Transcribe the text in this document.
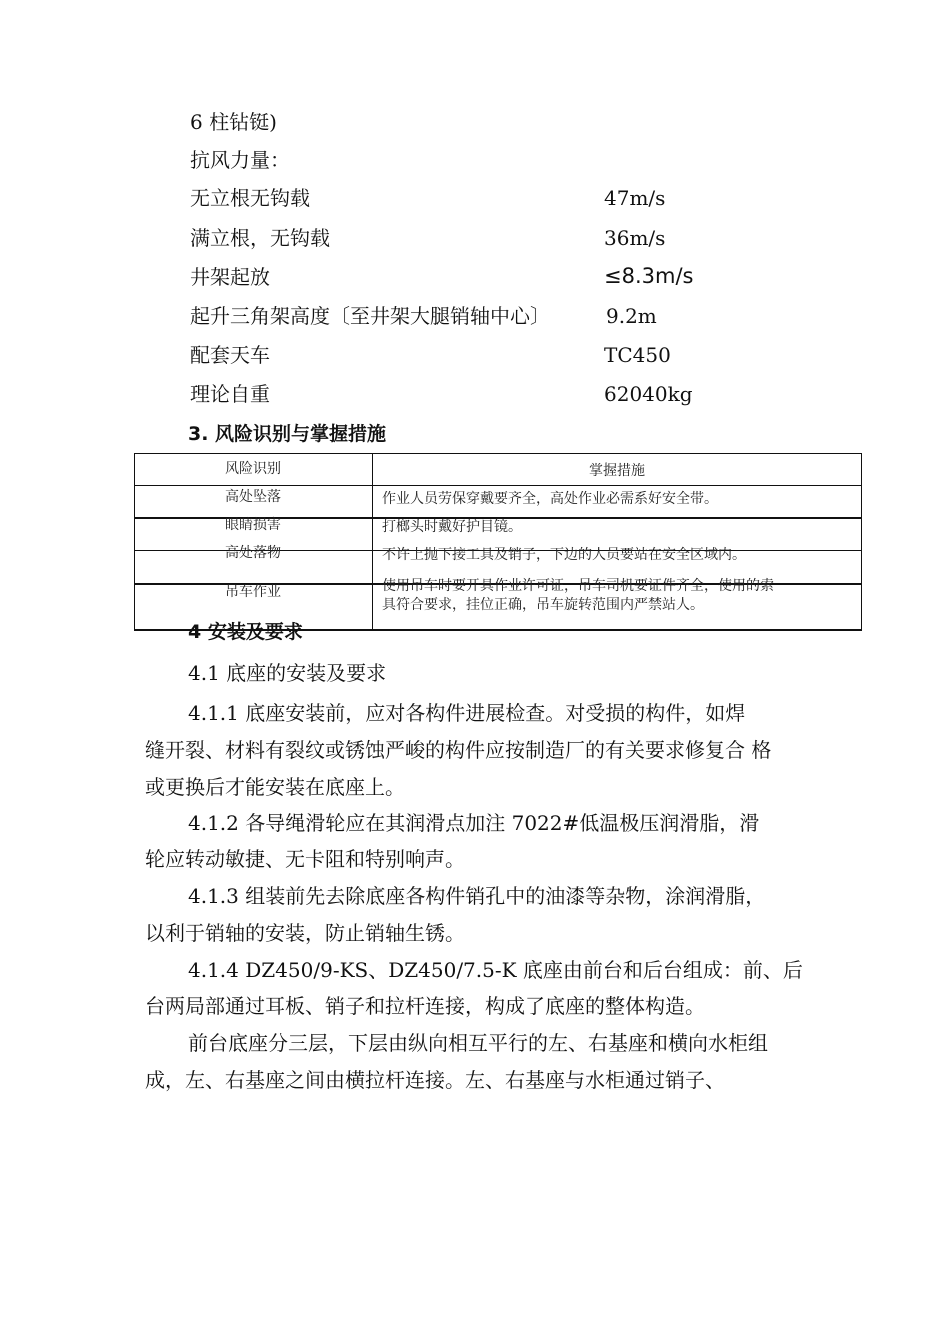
6 柱钻铤)
抗风力量：
无立根无钩载	47m/s
满立根，无钩载	36m/s
井架起放	≤8.3m/s
起升三角架高度〔至井架大腿销轴中心〕	9.2m
配套天车	TC450
理论自重	62040kg
3. 风险识别与掌握措施
风险识别	掌握措施
高处坠落	作业人员劳保穿戴要齐全，高处作业必需系好安全带。
眼睛损害	打榔头时戴好护目镜。
高处落物	不许上抛下接工具及销子，下边的人员要站在安全区域内。
吊车作业	使用吊车时要开具作业许可证，吊车司机要证件齐全，使用的索
具符合要求，挂位正确，吊车旋转范围内严禁站人。
4 安装及要求
4.1 底座的安装及要求
4.1.1 底座安装前，应对各构件进展检查。对受损的构件，如焊
缝开裂、材料有裂纹或锈蚀严峻的构件应按制造厂的有关要求修复合 格
或更换后才能安装在底座上。
4.1.2 各导绳滑轮应在其润滑点加注 7022#低温极压润滑脂，滑
轮应转动敏捷、无卡阻和特别响声。
4.1.3 组装前先去除底座各构件销孔中的油漆等杂物，涂润滑脂，
以利于销轴的安装，防止销轴生锈。
4.1.4 DZ450/9-KS、DZ450/7.5-K 底座由前台和后台组成：前、后
台两局部通过耳板、销子和拉杆连接，构成了底座的整体构造。
前台底座分三层，下层由纵向相互平行的左、右基座和横向水柜组
成，左、右基座之间由横拉杆连接。左、右基座与水柜通过销子、
